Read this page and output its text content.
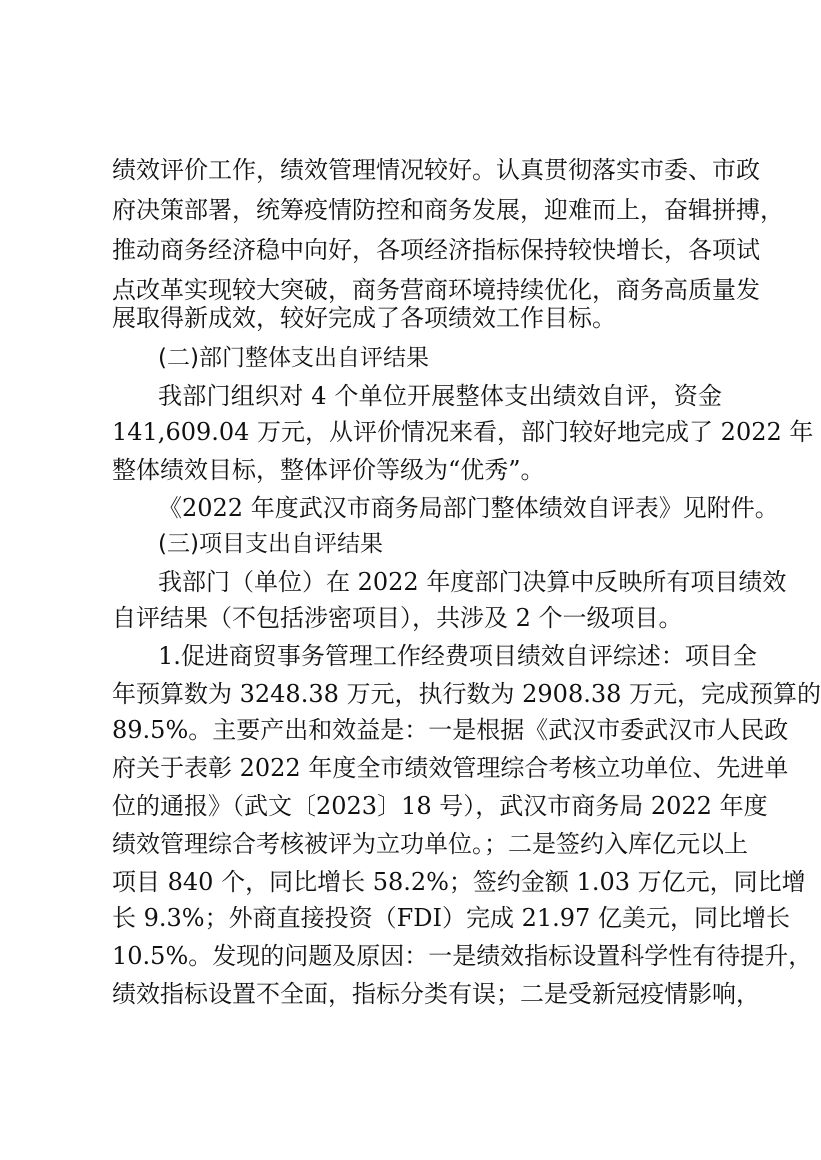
绩效评价工作，绩效管理情况较好。认真贯彻落实市委、市政
府决策部署，统筹疫情防控和商务发展，迎难而上，奋辑拼搏，
推动商务经济稳中向好，各项经济指标保持较快增长，各项试
点改革实现较大突破，商务营商环境持续优化，商务高质量发
展取得新成效，较好完成了各项绩效工作目标。
(二)部门整体支出自评结果
我部门组织对 4 个单位开展整体支出绩效自评，资金
141,609.04 万元，从评价情况来看，部门较好地完成了 2022 年
整体绩效目标，整体评价等级为“优秀”。
《2022 年度武汉市商务局部门整体绩效自评表》见附件。
(三)项目支出自评结果
我部门（单位）在 2022 年度部门决算中反映所有项目绩效
自评结果（不包括涉密项目），共涉及 2 个一级项目。
1.促进商贸事务管理工作经费项目绩效自评综述：项目全
年预算数为 3248.38 万元，执行数为 2908.38 万元，完成预算的
89.5%。主要产出和效益是：一是根据《武汉市委武汉市人民政
府关于表彰 2022 年度全市绩效管理综合考核立功单位、先进单
位的通报》（武文〔2023〕18 号），武汉市商务局 2022 年度
绩效管理综合考核被评为立功单位。；二是签约入库亿元以上
项目 840 个，同比增长 58.2%；签约金额 1.03 万亿元，同比增
长 9.3%；外商直接投资（FDI）完成 21.97 亿美元，同比增长
10.5%。发现的问题及原因：一是绩效指标设置科学性有待提升，
绩效指标设置不全面，指标分类有误；二是受新冠疫情影响，
